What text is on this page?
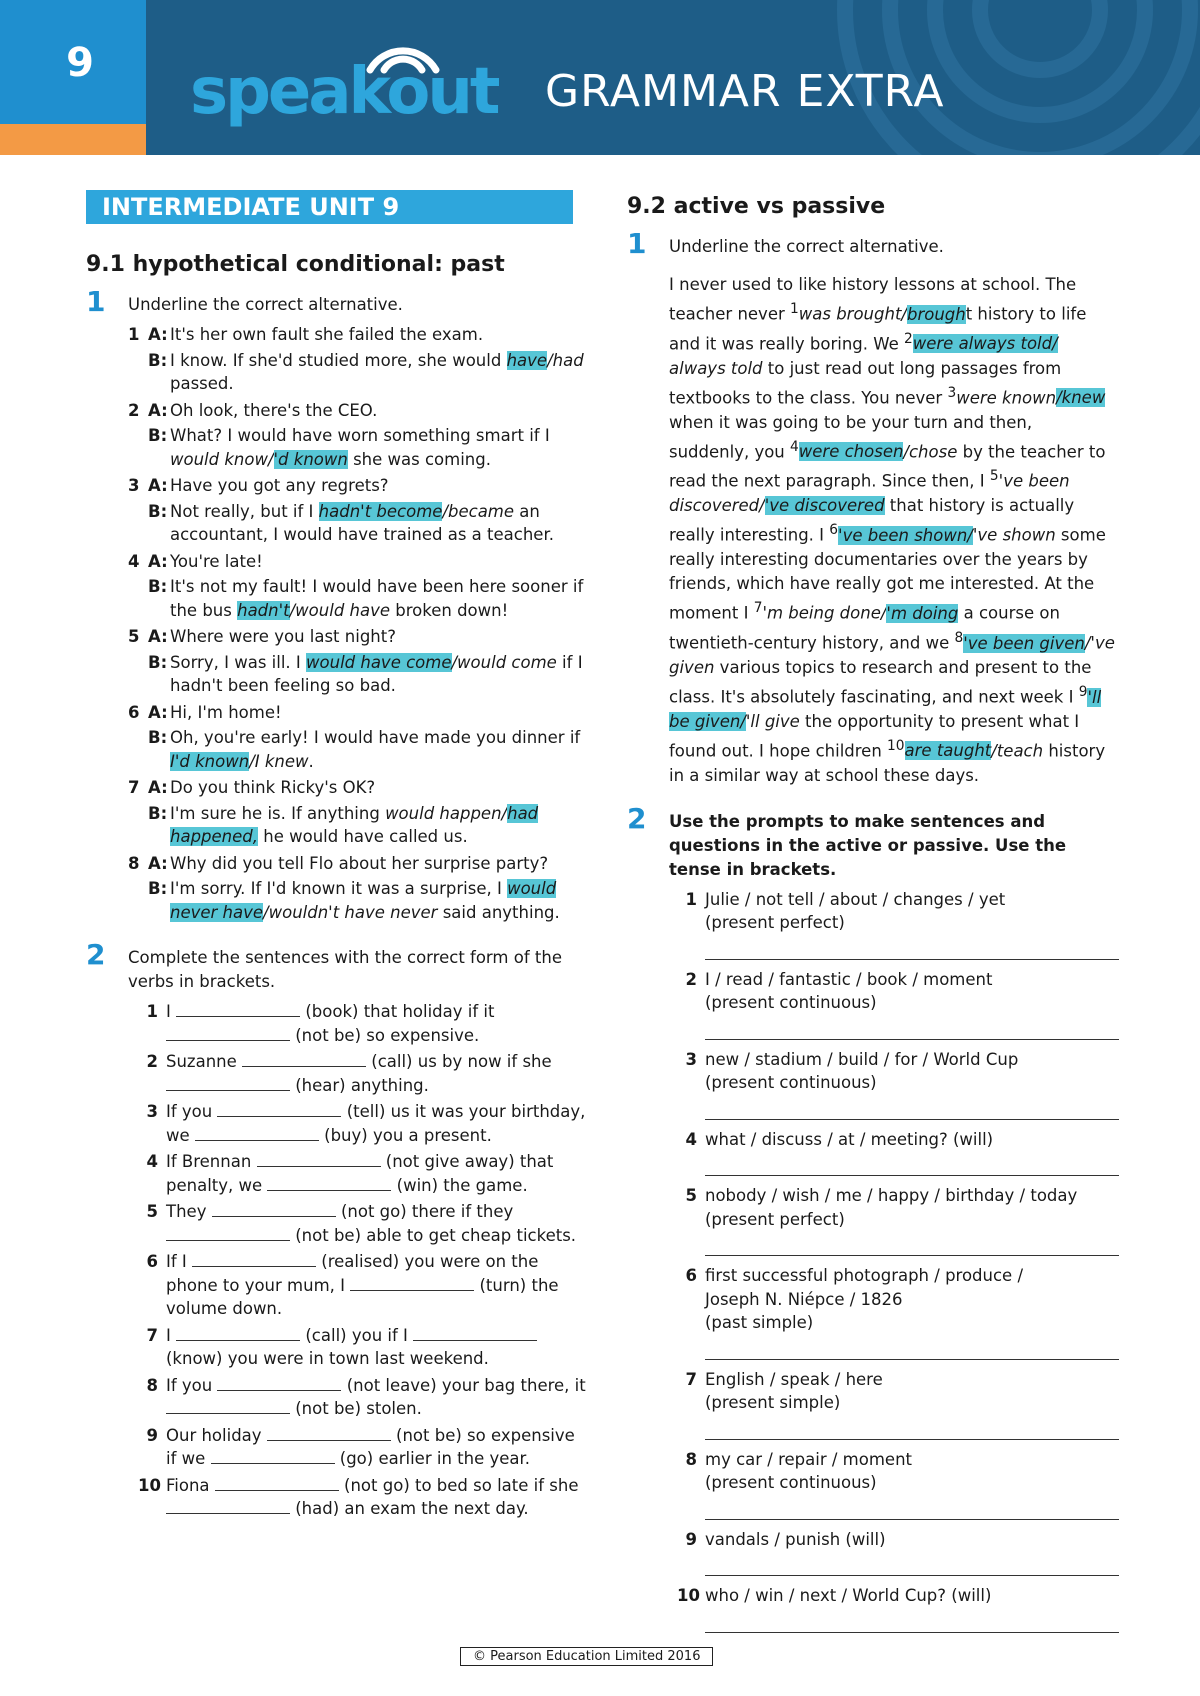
9	speakout GRAMMAR EXTRA
INTERMEDIATE UNIT 9
9.1 hypothetical conditional: past
1 Underline the correct alternative.
1 A: It's her own fault she failed the exam.
B: I know. If she'd studied more, she would have/had passed.
2 A: Oh look, there's the CEO.
B: What? I would have worn something smart if I would know/'d known she was coming.
3 A: Have you got any regrets?
B: Not really, but if I hadn't become/became an accountant, I would have trained as a teacher.
4 A: You're late!
B: It's not my fault! I would have been here sooner if the bus hadn't/would have broken down!
5 A: Where were you last night?
B: Sorry, I was ill. I would have come/would come if I hadn't been feeling so bad.
6 A: Hi, I'm home!
B: Oh, you're early! I would have made you dinner if I'd known/I knew.
7 A: Do you think Ricky's OK?
B: I'm sure he is. If anything would happen/had happened, he would have called us.
8 A: Why did you tell Flo about her surprise party?
B: I'm sorry. If I'd known it was a surprise, I would never have/wouldn't have never said anything.
2 Complete the sentences with the correct form of the verbs in brackets.
1 I	(book) that holiday if it  (not be) so expensive.
2 Suzanne	(call) us by now if she  (hear) anything.
3 If you	(tell) us it was your birthday, we	(buy) you a present.
4 If Brennan	(not give away) that penalty, we	(win) the game.
5 They	(not go) there if they  (not be) able to get cheap tickets.
6 If I	(realised) you were on the phone to your mum, I	(turn) the volume down.
7 I	(call) you if I  (know) you were in town last weekend.
8 If you	(not leave) your bag there, it  (not be) stolen.
9 Our holiday	(not be) so expensive if we	(go) earlier in the year.
10 Fiona	(not go) to bed so late if she  (had) an exam the next day.
9.2 active vs passive
1 Underline the correct alternative.
I never used to like history lessons at school. The teacher never $^1$was brought/brought history to life and it was really boring. We $^2$were always told/ always told to just read out long passages from textbooks to the class. You never $^3$were known/knew when it was going to be your turn and then, suddenly, you $^4$were chosen/chose by the teacher to read the next paragraph. Since then, I $^5$'ve been discovered/'ve discovered that history is actually really interesting. I $^6$'ve been shown/'ve shown some really interesting documentaries over the years by friends, which have really got me interested. At the moment I $^7$'m being done/'m doing a course on twentieth-century history, and we $^8$'ve been given/'ve given various topics to research and present to the class. It's absolutely fascinating, and next week I $^9$'ll be given/'ll give the opportunity to present what I found out. I hope children $^{10}$are taught/teach history in a similar way at school these days.
2 Use the prompts to make sentences and questions in the active or passive. Use the tense in brackets.
1 Julie / not tell / about / changes / yet
(present perfect)
2 I / read / fantastic / book / moment
(present continuous)
3 new / stadium / build / for / World Cup
(present continuous)
4 what / discuss / at / meeting? (will)
5 nobody / wish / me / happy / birthday / today
(present perfect)
6 first successful photograph / produce /
Joseph N. Niépce / 1826
(past simple)
7 English / speak / here
(present simple)
8 my car / repair / moment
(present continuous)
9 vandals / punish (will)
10 who / win / next / World Cup? (will)
© Pearson Education Limited 2016
